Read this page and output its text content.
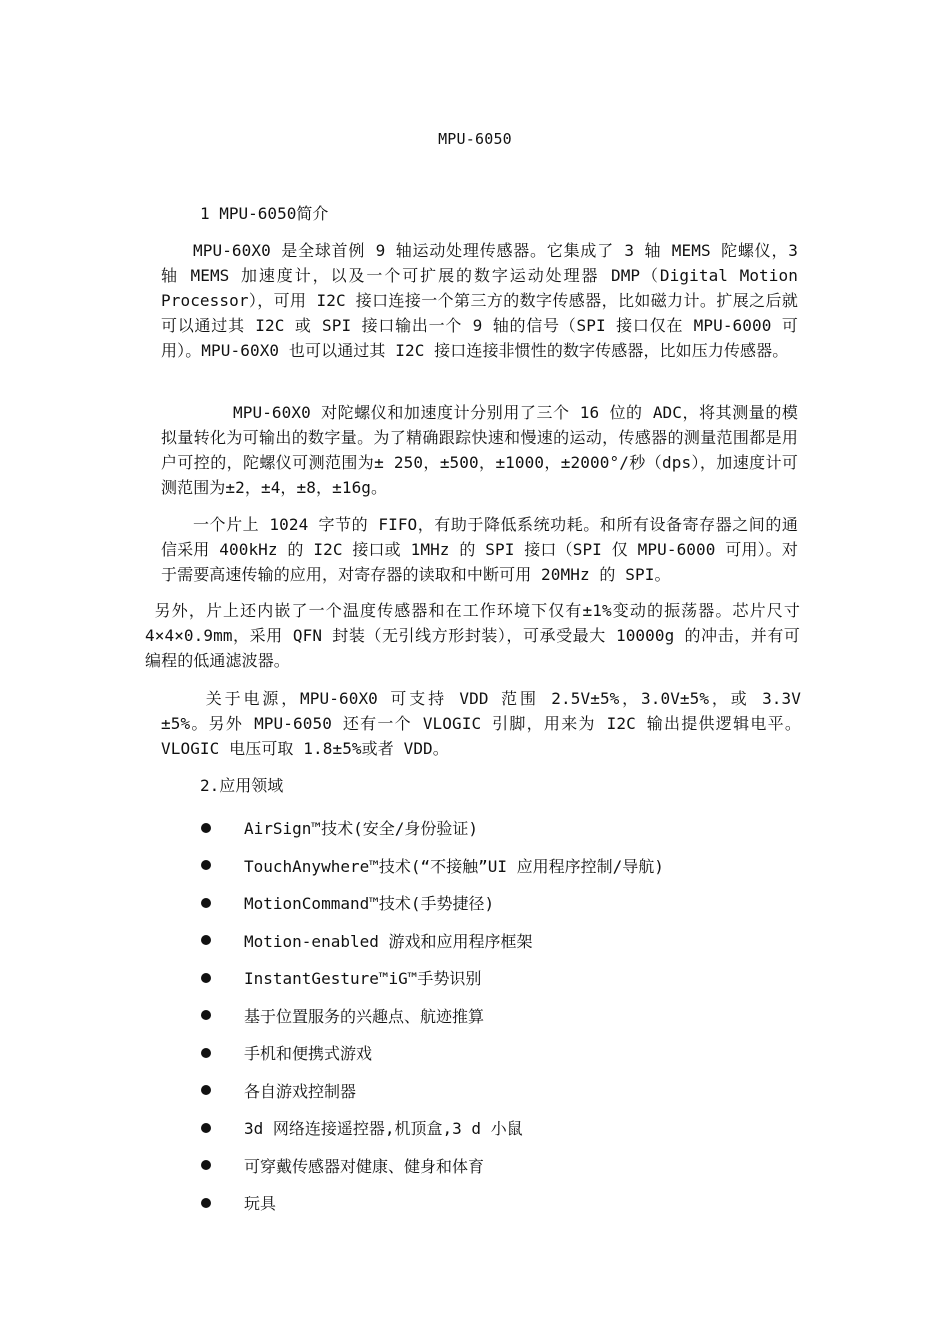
MPU-6050
1 MPU-6050简介

MPU-60X0 是全球首例 9 轴运动处理传感器。它集成了 3 轴 MEMS 陀螺仪，3 轴 MEMS 加速度计，以及一个可扩展的数字运动处理器 DMP（Digital Motion Processor），可用 I2C 接口连接一个第三方的数字传感器，比如磁力计。扩展之后就可以通过其 I2C 或 SPI 接口输出一个 9 轴的信号（SPI 接口仅在 MPU-6000 可用）。MPU-60X0 也可以通过其 I2C 接口连接非惯性的数字传感器，比如压力传感器。

MPU-60X0 对陀螺仪和加速度计分别用了三个 16 位的 ADC，将其测量的模拟量转化为可输出的数字量。为了精确跟踪快速和慢速的运动，传感器的测量范围都是用户可控的，陀螺仪可测范围为± 250，±500，±1000，±2000°/秒（dps），加速度计可测范围为±2，±4，±8，±16g。

一个片上 1024 字节的 FIFO，有助于降低系统功耗。和所有设备寄存器之间的通信采用 400kHz 的 I2C 接口或 1MHz 的 SPI 接口（SPI 仅 MPU-6000 可用）。对于需要高速传输的应用，对寄存器的读取和中断可用 20MHz 的 SPI。

另外，片上还内嵌了一个温度传感器和在工作环境下仅有±1%变动的振荡器。芯片尺寸 4×4×0.9mm，采用 QFN 封装（无引线方形封装），可承受最大 10000g 的冲击，并有可编程的低通滤波器。

关于电源，MPU-60X0 可支持 VDD 范围 2.5V±5%，3.0V±5%，或 3.3V ±5%。另外 MPU-6050 还有一个 VLOGIC 引脚，用来为 I2C 输出提供逻辑电平。VLOGIC 电压可取 1.8±5%或者 VDD。

2.应用领域
AirSign™技术(安全/身份验证)
TouchAnywhere™技术(“不接触”UI 应用程序控制/导航)
MotionCommand™技术(手势捷径)
Motion-enabled 游戏和应用程序框架
InstantGesture™iG™手势识别
基于位置服务的兴趣点、航迹推算
手机和便携式游戏
各自游戏控制器
3d 网络连接遥控器,机顶盒,3 d 小鼠
可穿戴传感器对健康、健身和体育
玩具
